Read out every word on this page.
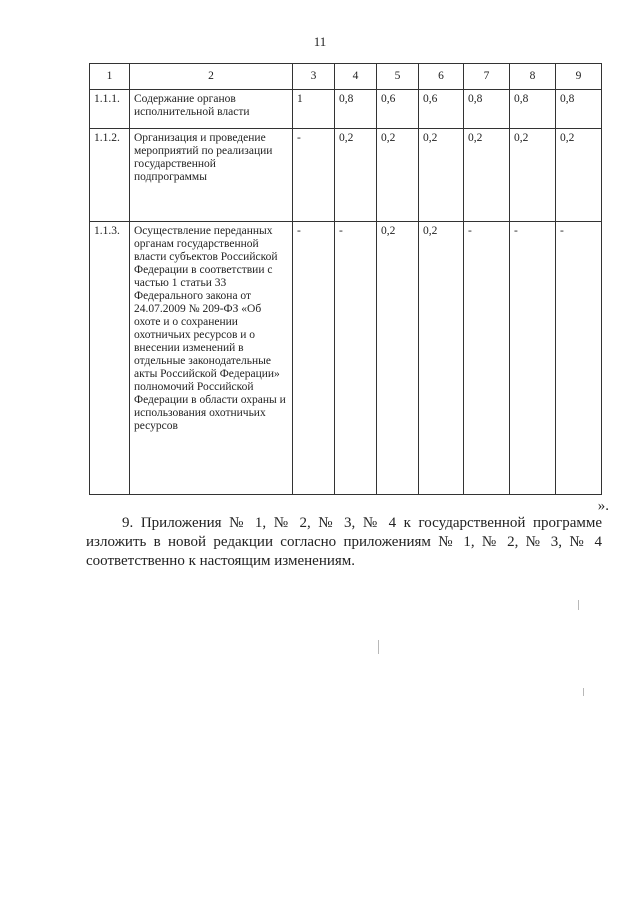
11
1	2	3	4	5	6	7	8	9
1.1.1.	Содержание органов исполнительной власти	1	0,8	0,6	0,6	0,8	0,8	0,8
1.1.2.	Организация и проведение мероприятий по реализации государственной подпрограммы	-	0,2	0,2	0,2	0,2	0,2	0,2
1.1.3.	Осуществление переданных органам государственной власти субъектов Российской Федерации в соответствии с частью 1 статьи 33 Федерального закона от 24.07.2009 № 209-ФЗ «Об охоте и о сохранении охотничьих ресурсов и о внесении изменений в отдельные законодательные акты Российской Федерации» полномочий Российской Федерации в области охраны и использования охотничьих ресурсов	-	-	0,2	0,2	-	-	-
».

9. Приложения № 1, № 2, № 3, № 4 к государственной программе изложить в новой редакции согласно приложениям № 1, № 2, № 3, № 4 соответственно к настоящим изменениям.
